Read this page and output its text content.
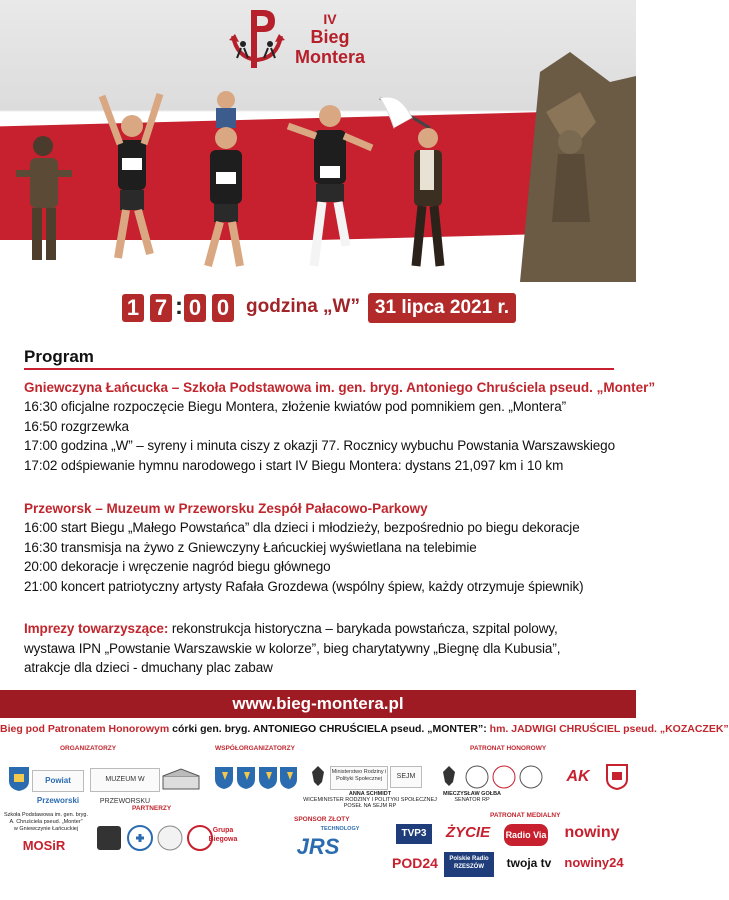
IV
Bieg
Montera
1 7 : 0 0 godzina „W” 31 lipca 2021 r.
Program
Gniewczyna Łańcucka – Szkoła Podstawowa im. gen. bryg. Antoniego Chruściela pseud. „Monter”
16:30 oficjalne rozpoczęcie Biegu Montera, złożenie kwiatów pod pomnikiem gen. „Montera”
16:50 rozgrzewka
17:00 godzina „W” – syreny i minuta ciszy z okazji 77. Rocznicy wybuchu Powstania Warszawskiego
17:02 odśpiewanie hymnu narodowego i start IV Biegu Montera: dystans 21,097 km i 10 km
Przeworsk – Muzeum w Przeworsku Zespół Pałacowo-Parkowy
16:00 start Biegu „Małego Powstańca” dla dzieci i młodzieży, bezpośrednio po biegu dekoracje
16:30 transmisja na żywo z Gniewczyny Łańcuckiej wyświetlana na telebimie
20:00 dekoracje i wręczenie nagród biegu głównego
21:00 koncert patriotyczny artysty Rafała Grozdewa (wspólny śpiew, każdy otrzymuje śpiewnik)
Imprezy towarzyszące: rekonstrukcja historyczna – barykada powstańcza, szpital polowy,
wystawa IPN „Powstanie Warszawskie w kolorze”, bieg charytatywny „Biegnę dla Kubusia”,
atrakcje dla dzieci - dmuchany plac zabaw
www.bieg-montera.pl
Bieg pod Patronatem Honorowym córki gen. bryg. ANTONIEGO CHRUŚCIELA pseud. „MONTER”: hm. JADWIGI CHRUŚCIEL pseud. „KOZACZEK”
ORGANIZATORZY	WSPÓŁORGANIZATORZY	PATRONAT HONOROWY
PARTNERZY
SPONSOR ZŁOTY
PATRONAT MEDIALNY
Powiat Przeworski
MUZEUM W PRZEWORSKU
Ministerstwo Rodziny i Polityki Społecznej	SEJM
ANNA SCHMIDT
WICEMINISTER RODZINY I POLITYKI SPOŁECZNEJ
POSEŁ NA SEJM RP
AK
MIECZYSŁAW GOŁBA
SENATOR RP
Szkoła Podstawowa im. gen. bryg.
A. Chruściela pseud. „Monter”
w Gniewczynie Łańcuckiej
MOSiR
Grupa Biegowa	JRS
TECHNOLOGY	TVP3	ŻYCIE	Radio Via nowiny
POD24	Polskie Radio RZESZÓW	twoja tv	nowiny24
